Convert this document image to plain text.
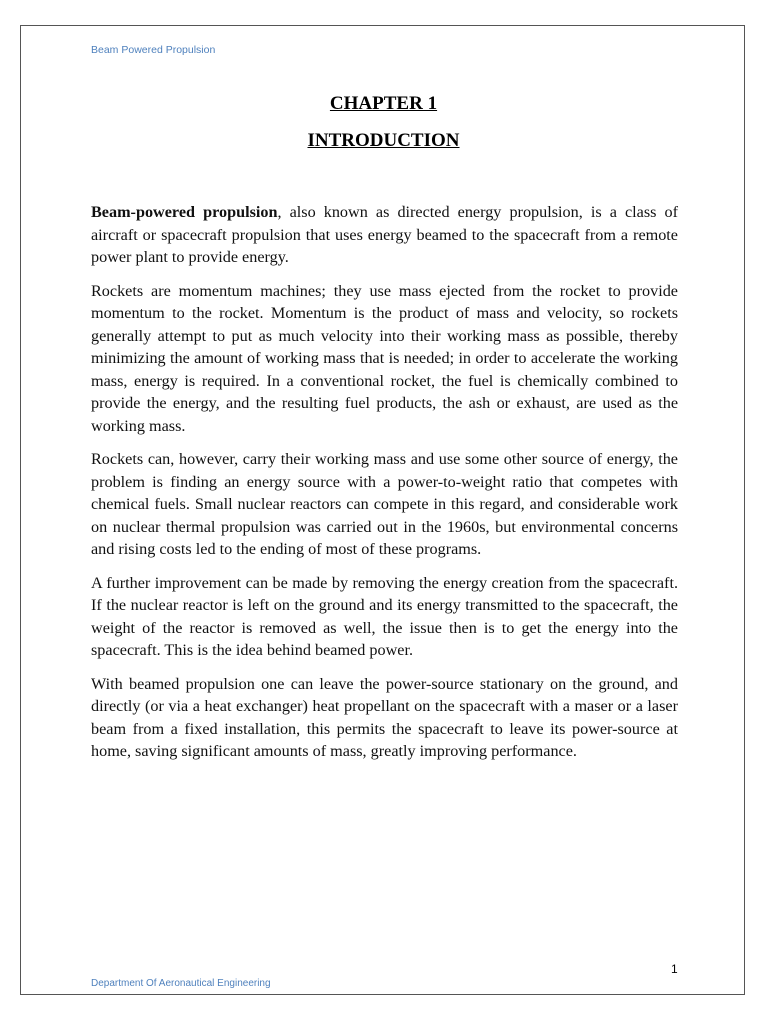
Beam Powered Propulsion
CHAPTER 1
INTRODUCTION

Beam-powered propulsion, also known as directed energy propulsion, is a class of aircraft or spacecraft propulsion that uses energy beamed to the spacecraft from a remote power plant to provide energy.

Rockets are momentum machines; they use mass ejected from the rocket to provide momentum to the rocket. Momentum is the product of mass and velocity, so rockets generally attempt to put as much velocity into their working mass as possible, thereby minimizing the amount of working mass that is needed; in order to accelerate the working mass, energy is required. In a conventional rocket, the fuel is chemically combined to provide the energy, and the resulting fuel products, the ash or exhaust, are used as the working mass.

Rockets can, however, carry their working mass and use some other source of energy, the problem is finding an energy source with a power-to-weight ratio that competes with chemical fuels. Small nuclear reactors can compete in this regard, and considerable work on nuclear thermal propulsion was carried out in the 1960s, but environmental concerns and rising costs led to the ending of most of these programs.

A further improvement can be made by removing the energy creation from the spacecraft. If the nuclear reactor is left on the ground and its energy transmitted to the spacecraft, the weight of the reactor is removed as well, the issue then is to get the energy into the spacecraft. This is the idea behind beamed power.

With beamed propulsion one can leave the power-source stationary on the ground, and directly (or via a heat exchanger) heat propellant on the spacecraft with a maser or a laser beam from a fixed installation, this permits the spacecraft to leave its power-source at home, saving significant amounts of mass, greatly improving performance.

1
Department Of Aeronautical Engineering
